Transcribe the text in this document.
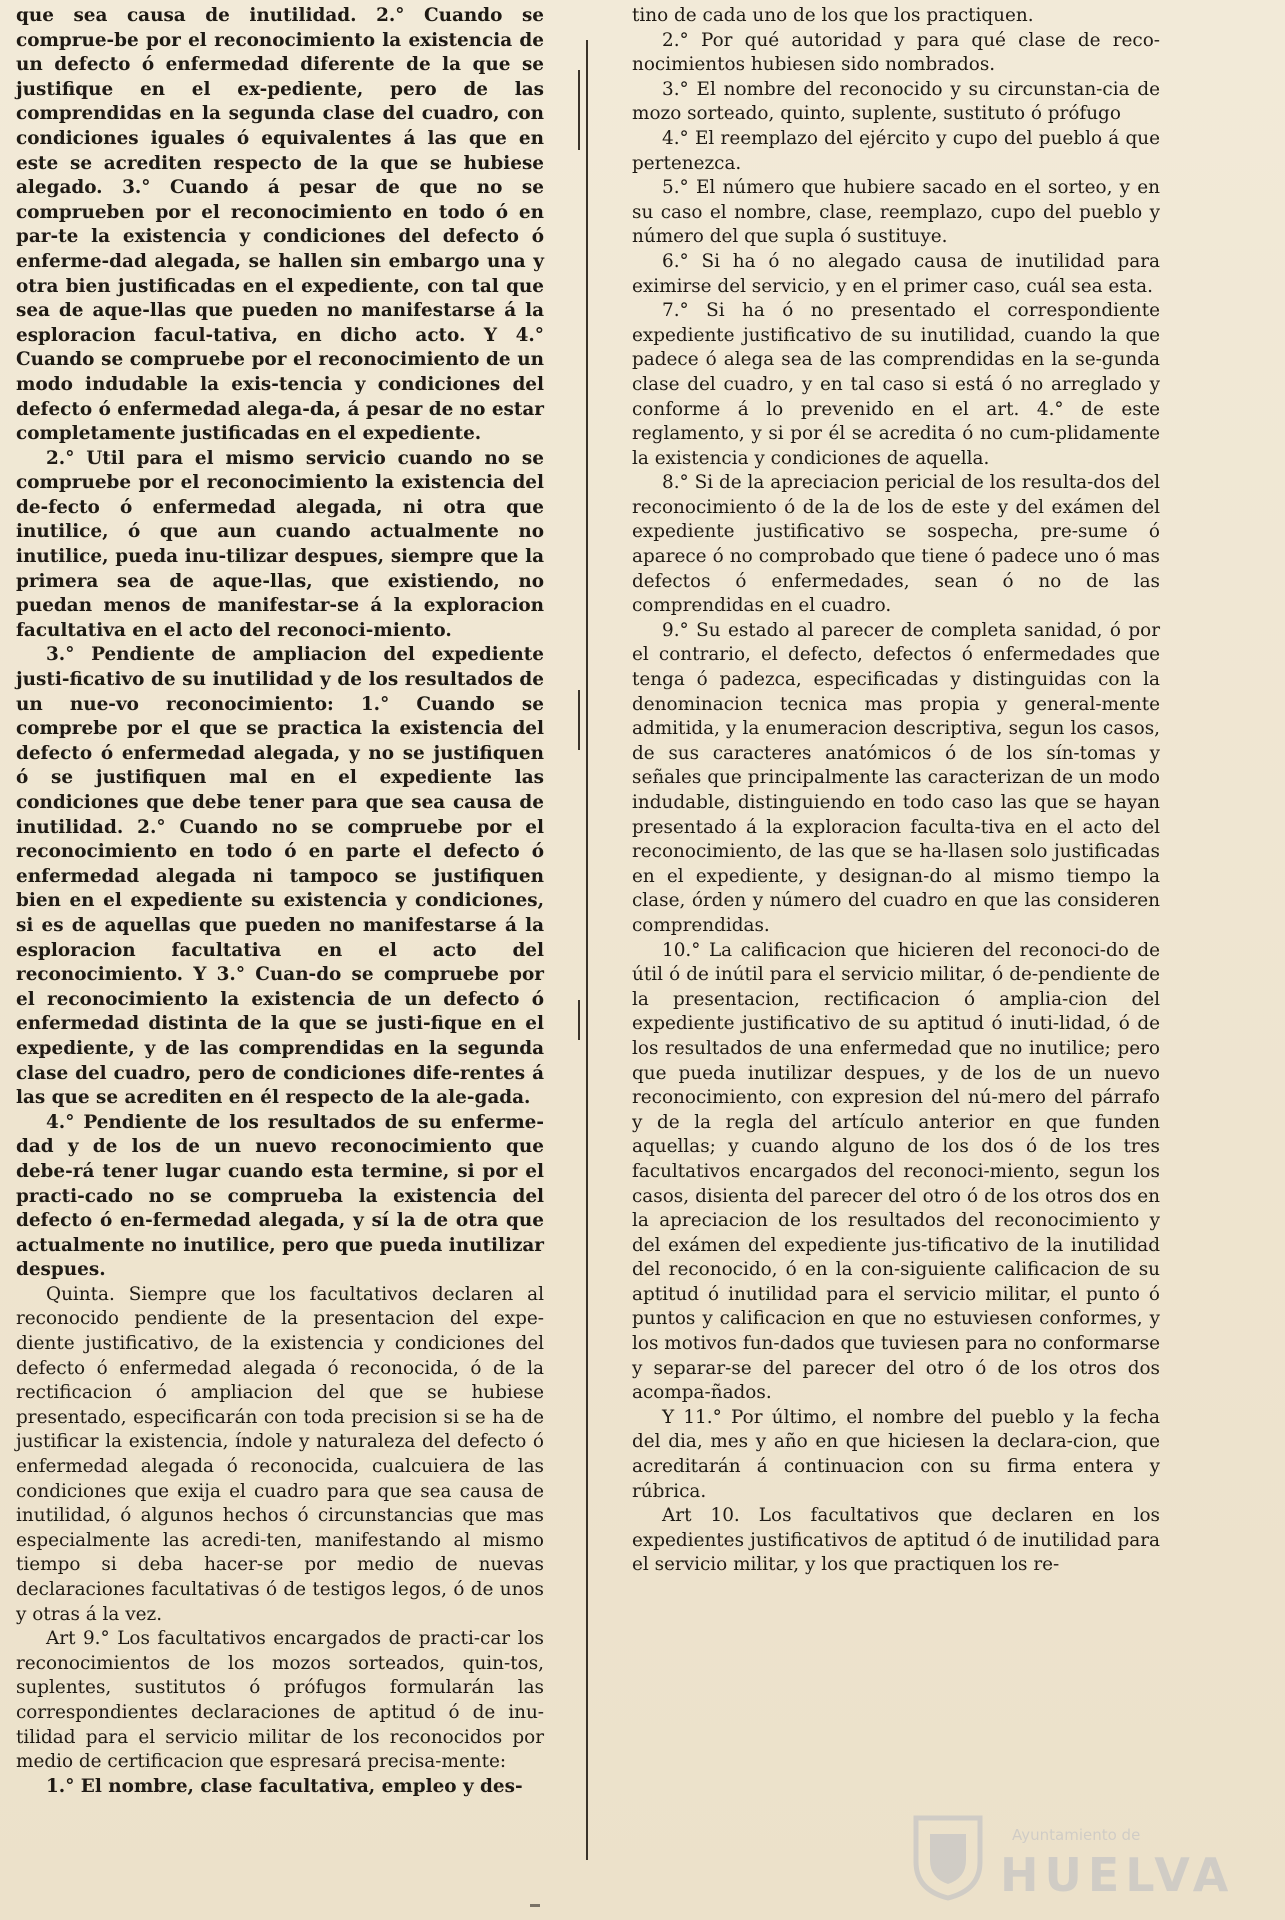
que sea causa de inutilidad. 2.° Cuando se comprue-be por el reconocimiento la existencia de un defecto ó enfermedad diferente de la que se justifique en el ex-pediente, pero de las comprendidas en la segunda clase del cuadro, con condiciones iguales ó equivalentes á las que en este se acrediten respecto de la que se hubiese alegado. 3.° Cuando á pesar de que no se comprueben por el reconocimiento en todo ó en par-te la existencia y condiciones del defecto ó enferme-dad alegada, se hallen sin embargo una y otra bien justificadas en el expediente, con tal que sea de aque-llas que pueden no manifestarse á la esploracion facul-tativa, en dicho acto. Y 4.° Cuando se compruebe por el reconocimiento de un modo indudable la exis-tencia y condiciones del defecto ó enfermedad alega-da, á pesar de no estar completamente justificadas en el expediente.

2.° Util para el mismo servicio cuando no se compruebe por el reconocimiento la existencia del de-fecto ó enfermedad alegada, ni otra que inutilice, ó que aun cuando actualmente no inutilice, pueda inu-tilizar despues, siempre que la primera sea de aque-llas, que existiendo, no puedan menos de manifestar-se á la exploracion facultativa en el acto del reconoci-miento.

3.° Pendiente de ampliacion del expediente justi-ficativo de su inutilidad y de los resultados de un nue-vo reconocimiento: 1.° Cuando se comprebe por el que se practica la existencia del defecto ó enfermedad alegada, y no se justifiquen ó se justifiquen mal en el expediente las condiciones que debe tener para que sea causa de inutilidad. 2.° Cuando no se compruebe por el reconocimiento en todo ó en parte el defecto ó enfermedad alegada ni tampoco se justifiquen bien en el expediente su existencia y condiciones, si es de aquellas que pueden no manifestarse á la esploracion facultativa en el acto del reconocimiento. Y 3.° Cuan-do se compruebe por el reconocimiento la existencia de un defecto ó enfermedad distinta de la que se justi-fique en el expediente, y de las comprendidas en la segunda clase del cuadro, pero de condiciones dife-rentes á las que se acrediten en él respecto de la ale-gada.

4.° Pendiente de los resultados de su enferme-dad y de los de un nuevo reconocimiento que debe-rá tener lugar cuando esta termine, si por el practi-cado no se comprueba la existencia del defecto ó en-fermedad alegada, y sí la de otra que actualmente no inutilice, pero que pueda inutilizar despues.

Quinta. Siempre que los facultativos declaren al reconocido pendiente de la presentacion del expe-diente justificativo, de la existencia y condiciones del defecto ó enfermedad alegada ó reconocida, ó de la rectificacion ó ampliacion del que se hubiese presentado, especificarán con toda precision si se ha de justificar la existencia, índole y naturaleza del defecto ó enfermedad alegada ó reconocida, cualcuiera de las condiciones que exija el cuadro para que sea causa de inutilidad, ó algunos hechos ó circunstancias que mas especialmente las acredi-ten, manifestando al mismo tiempo si deba hacer-se por medio de nuevas declaraciones facultativas ó de testigos legos, ó de unos y otras á la vez.

Art 9.° Los facultativos encargados de practi-car los reconocimientos de los mozos sorteados, quin-tos, suplentes, sustitutos ó prófugos formularán las correspondientes declaraciones de aptitud ó de inu-tilidad para el servicio militar de los reconocidos por medio de certificacion que espresará precisa-mente:

1.° El nombre, clase facultativa, empleo y des-

tino de cada uno de los que los practiquen.

2.° Por qué autoridad y para qué clase de reco-nocimientos hubiesen sido nombrados.

3.° El nombre del reconocido y su circunstan-cia de mozo sorteado, quinto, suplente, sustituto ó prófugo

4.° El reemplazo del ejército y cupo del pueblo á que pertenezca.

5.° El número que hubiere sacado en el sorteo, y en su caso el nombre, clase, reemplazo, cupo del pueblo y número del que supla ó sustituye.

6.° Si ha ó no alegado causa de inutilidad para eximirse del servicio, y en el primer caso, cuál sea esta.

7.° Si ha ó no presentado el correspondiente expediente justificativo de su inutilidad, cuando la que padece ó alega sea de las comprendidas en la se-gunda clase del cuadro, y en tal caso si está ó no arreglado y conforme á lo prevenido en el art. 4.° de este reglamento, y si por él se acredita ó no cum-plidamente la existencia y condiciones de aquella.

8.° Si de la apreciacion pericial de los resulta-dos del reconocimiento ó de la de los de este y del exámen del expediente justificativo se sospecha, pre-sume ó aparece ó no comprobado que tiene ó padece uno ó mas defectos ó enfermedades, sean ó no de las comprendidas en el cuadro.

9.° Su estado al parecer de completa sanidad, ó por el contrario, el defecto, defectos ó enfermedades que tenga ó padezca, especificadas y distinguidas con la denominacion tecnica mas propia y general-mente admitida, y la enumeracion descriptiva, segun los casos, de sus caracteres anatómicos ó de los sín-tomas y señales que principalmente las caracterizan de un modo indudable, distinguiendo en todo caso las que se hayan presentado á la exploracion faculta-tiva en el acto del reconocimiento, de las que se ha-llasen solo justificadas en el expediente, y designan-do al mismo tiempo la clase, órden y número del cuadro en que las consideren comprendidas.

10.° La calificacion que hicieren del reconoci-do de útil ó de inútil para el servicio militar, ó de-pendiente de la presentacion, rectificacion ó amplia-cion del expediente justificativo de su aptitud ó inuti-lidad, ó de los resultados de una enfermedad que no inutilice; pero que pueda inutilizar despues, y de los de un nuevo reconocimiento, con expresion del nú-mero del párrafo y de la regla del artículo anterior en que funden aquellas; y cuando alguno de los dos ó de los tres facultativos encargados del reconoci-miento, segun los casos, disienta del parecer del otro ó de los otros dos en la apreciacion de los resultados del reconocimiento y del exámen del expediente jus-tificativo de la inutilidad del reconocido, ó en la con-siguiente calificacion de su aptitud ó inutilidad para el servicio militar, el punto ó puntos y calificacion en que no estuviesen conformes, y los motivos fun-dados que tuviesen para no conformarse y separar-se del parecer del otro ó de los otros dos acompa-ñados.

Y 11.° Por último, el nombre del pueblo y la fecha del dia, mes y año en que hiciesen la declara-cion, que acreditarán á continuacion con su firma entera y rúbrica.

Art 10. Los facultativos que declaren en los expedientes justificativos de aptitud ó de inutilidad para el servicio militar, y los que practiquen los re-

Ayuntamiento de
HUELVA
